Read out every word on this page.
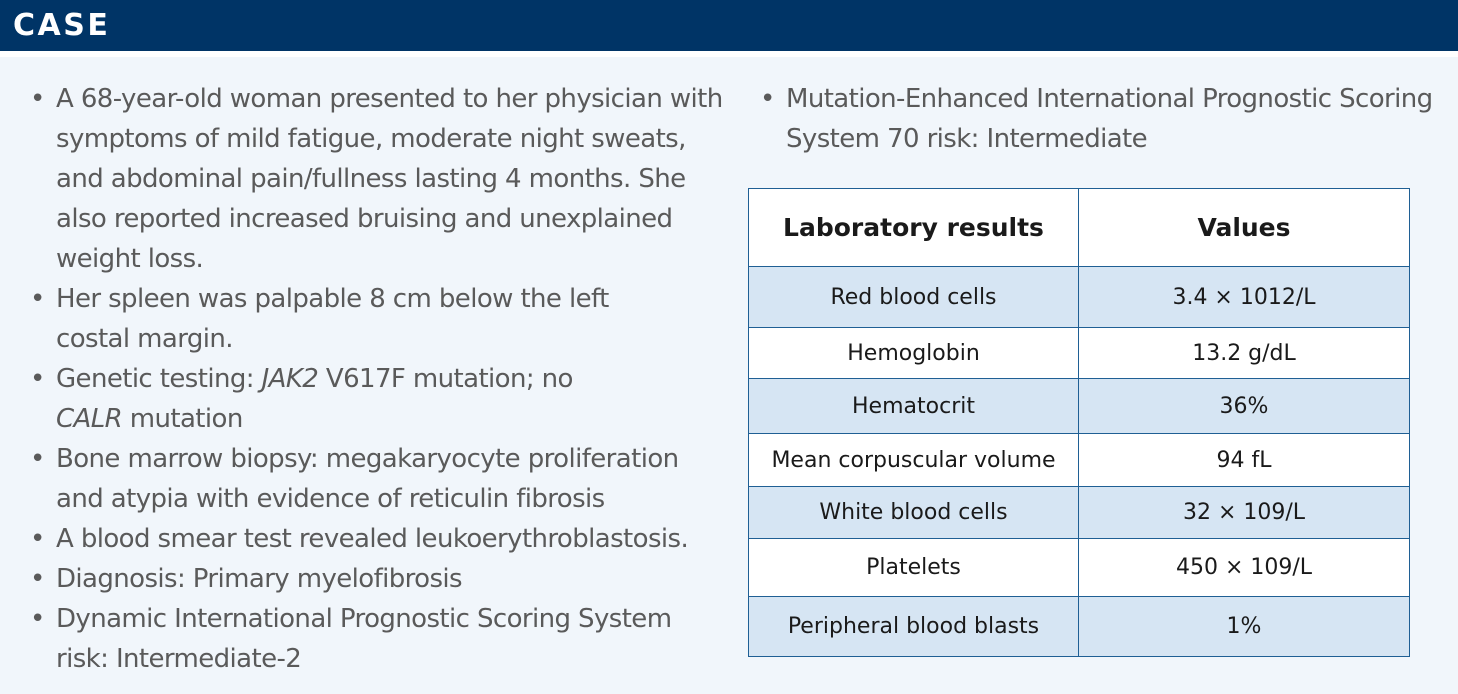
CASE
• A 68-year-old woman presented to her physician with
symptoms of mild fatigue, moderate night sweats,
and abdominal pain/fullness lasting 4 months. She
also reported increased bruising and unexplained
weight loss.
• Her spleen was palpable 8 cm below the left
costal margin.
• Genetic testing: JAK2 V617F mutation; no
CALR mutation
• Bone marrow biopsy: megakaryocyte proliferation
and atypia with evidence of reticulin fibrosis
• A blood smear test revealed leukoerythroblastosis.
• Diagnosis: Primary myelofibrosis
• Dynamic International Prognostic Scoring System
risk: Intermediate-2
• Mutation-Enhanced International Prognostic Scoring
System 70 risk: Intermediate
Laboratory results	Values
Red blood cells	3.4 × 1012/L
Hemoglobin	13.2 g/dL
Hematocrit	36%
Mean corpuscular volume	94 fL
White blood cells	32 × 109/L
Platelets	450 × 109/L
Peripheral blood blasts	1%
